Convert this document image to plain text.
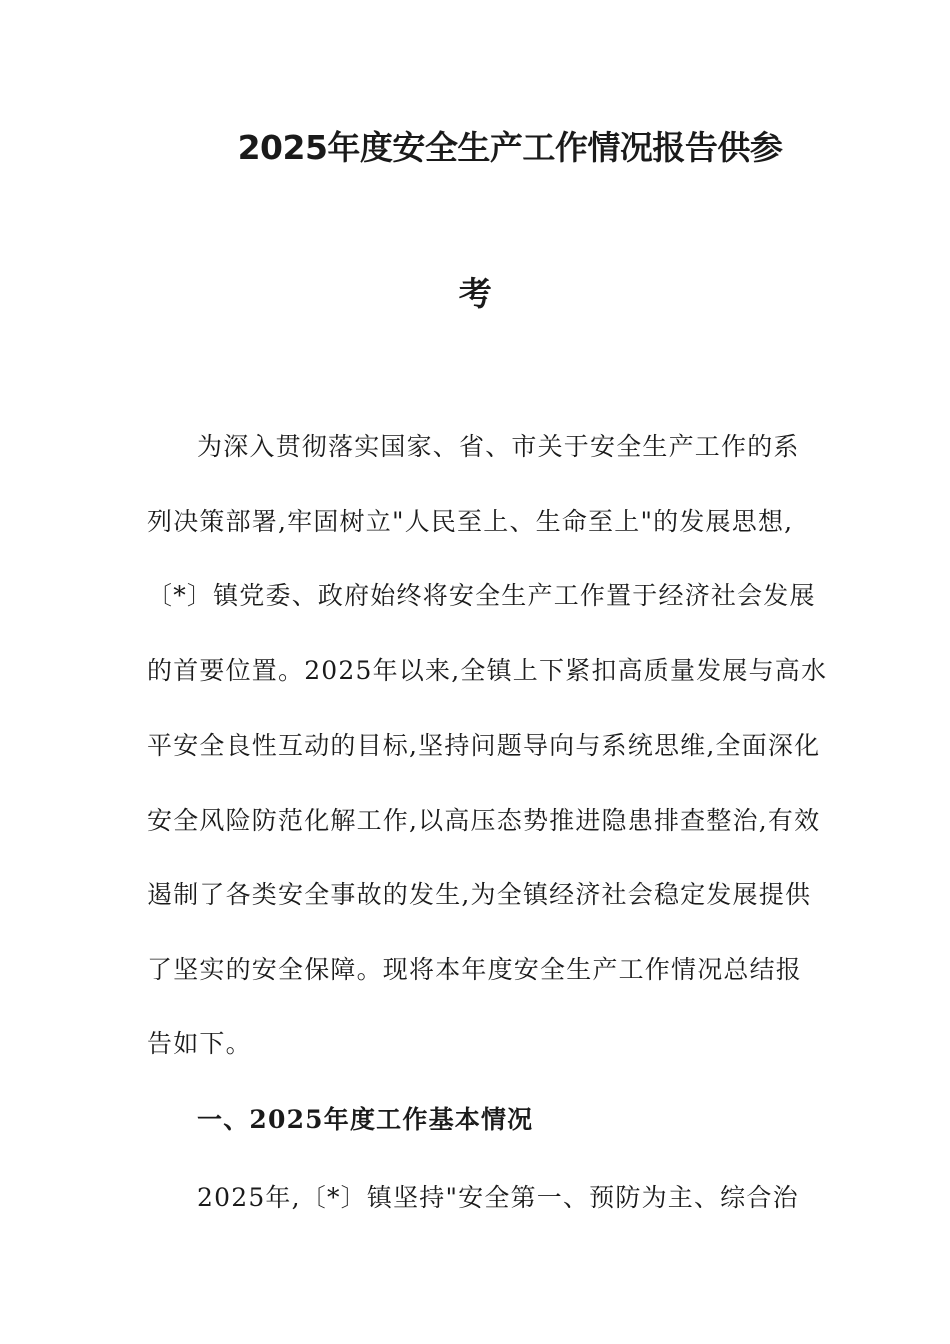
2025年度安全生产工作情况报告供参
考

为深入贯彻落实国家、省、市关于安全生产工作的系

列决策部署,牢固树立"人民至上、生命至上"的发展思想,

〔*〕镇党委、政府始终将安全生产工作置于经济社会发展

的首要位置。2025年以来,全镇上下紧扣高质量发展与高水

平安全良性互动的目标,坚持问题导向与系统思维,全面深化

安全风险防范化解工作,以高压态势推进隐患排查整治,有效

遏制了各类安全事故的发生,为全镇经济社会稳定发展提供

了坚实的安全保障。现将本年度安全生产工作情况总结报

告如下。

一、2025年度工作基本情况

2025年,〔*〕镇坚持"安全第一、预防为主、综合治
